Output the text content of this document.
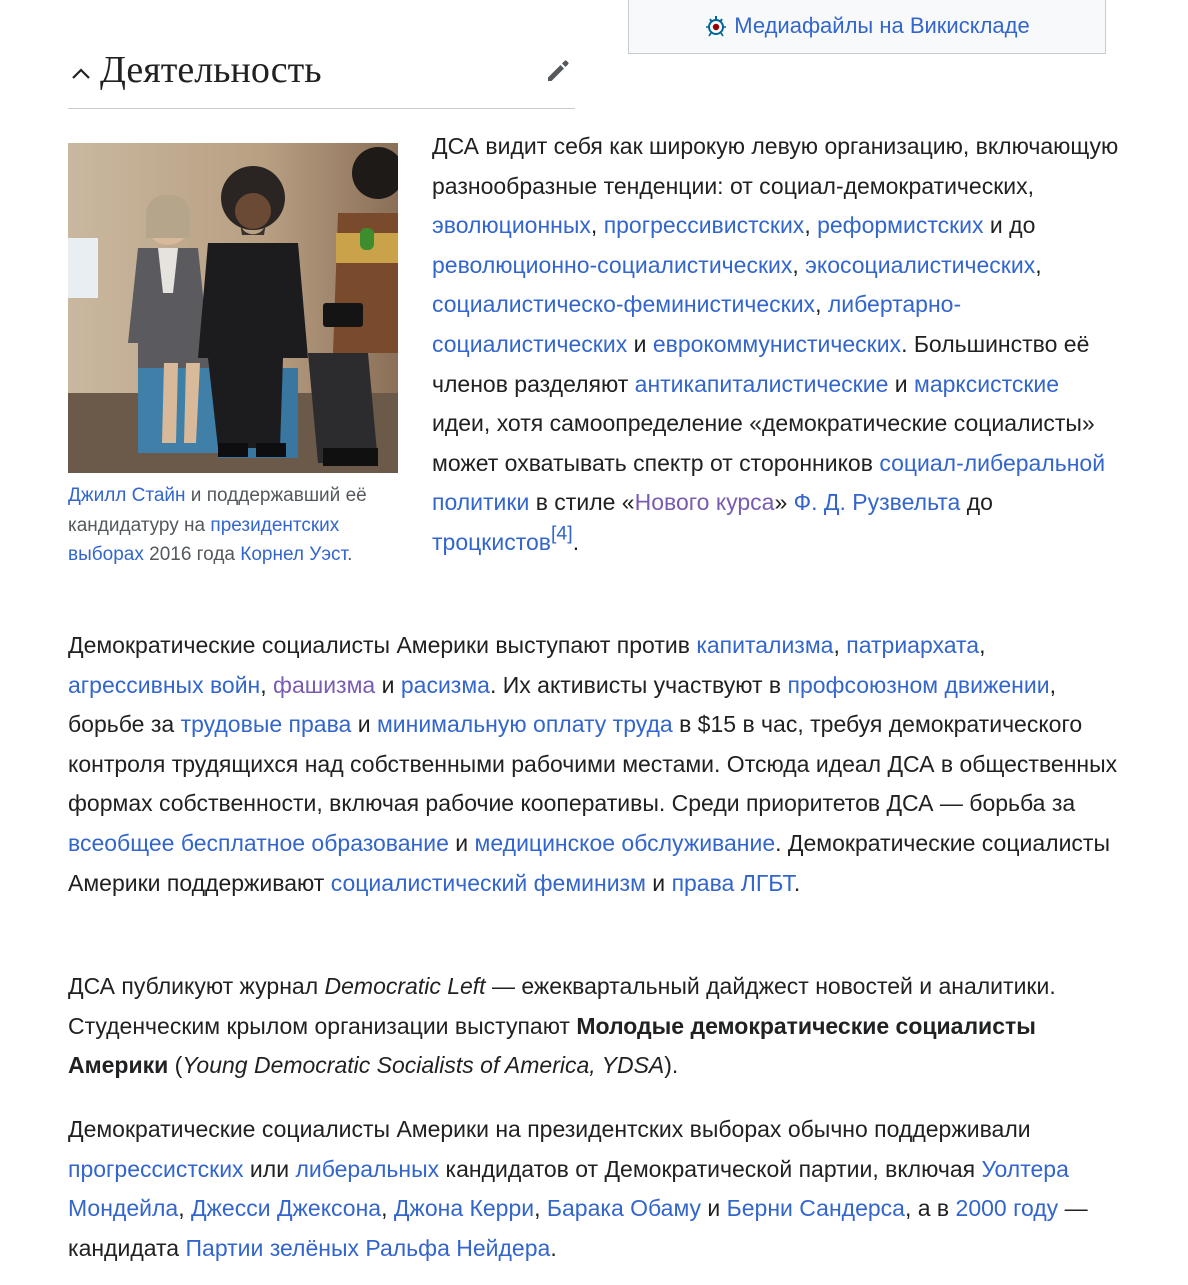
Медиафайлы на Викискладе
Деятельность
Джилл Стайн и поддержавший её кандидатуру на президентских выборах 2016 года Корнел Уэст.

ДСА видит себя как широкую левую организацию, включающую разнообразные тенденции: от социал-демократических, эволюционных, прогрессивистских, реформистских и до революционно-социалистических, экосоциалистических, социалистическо-феминистических, либертарно-социалистических и еврокоммунистических. Большинство её членов разделяют антикапиталистические и марксистские идеи, хотя самоопределение «демократические социалисты» может охватывать спектр от сторонников социал-либеральной политики в стиле «Нового курса» Ф. Д. Рузвельта до троцкистов[4].

Демократические социалисты Америки выступают против капитализма, патриархата, агрессивных войн, фашизма и расизма. Их активисты участвуют в профсоюзном движении, борьбе за трудовые права и минимальную оплату труда в $15 в час, требуя демократического контроля трудящихся над собственными рабочими местами. Отсюда идеал ДСА в общественных формах собственности, включая рабочие кооперативы. Среди приоритетов ДСА — борьба за всеобщее бесплатное образование и медицинское обслуживание. Демократические социалисты Америки поддерживают социалистический феминизм и права ЛГБТ.

ДСА публикуют журнал Democratic Left — ежеквартальный дайджест новостей и аналитики. Студенческим крылом организации выступают Молодые демократические социалисты Америки (Young Democratic Socialists of America, YDSA).

Демократические социалисты Америки на президентских выборах обычно поддерживали прогрессистских или либеральных кандидатов от Демократической партии, включая Уолтера Мондейла, Джесси Джексона, Джона Керри, Барака Обаму и Берни Сандерса, а в 2000 году — кандидата Партии зелёных Ральфа Нейдера.
